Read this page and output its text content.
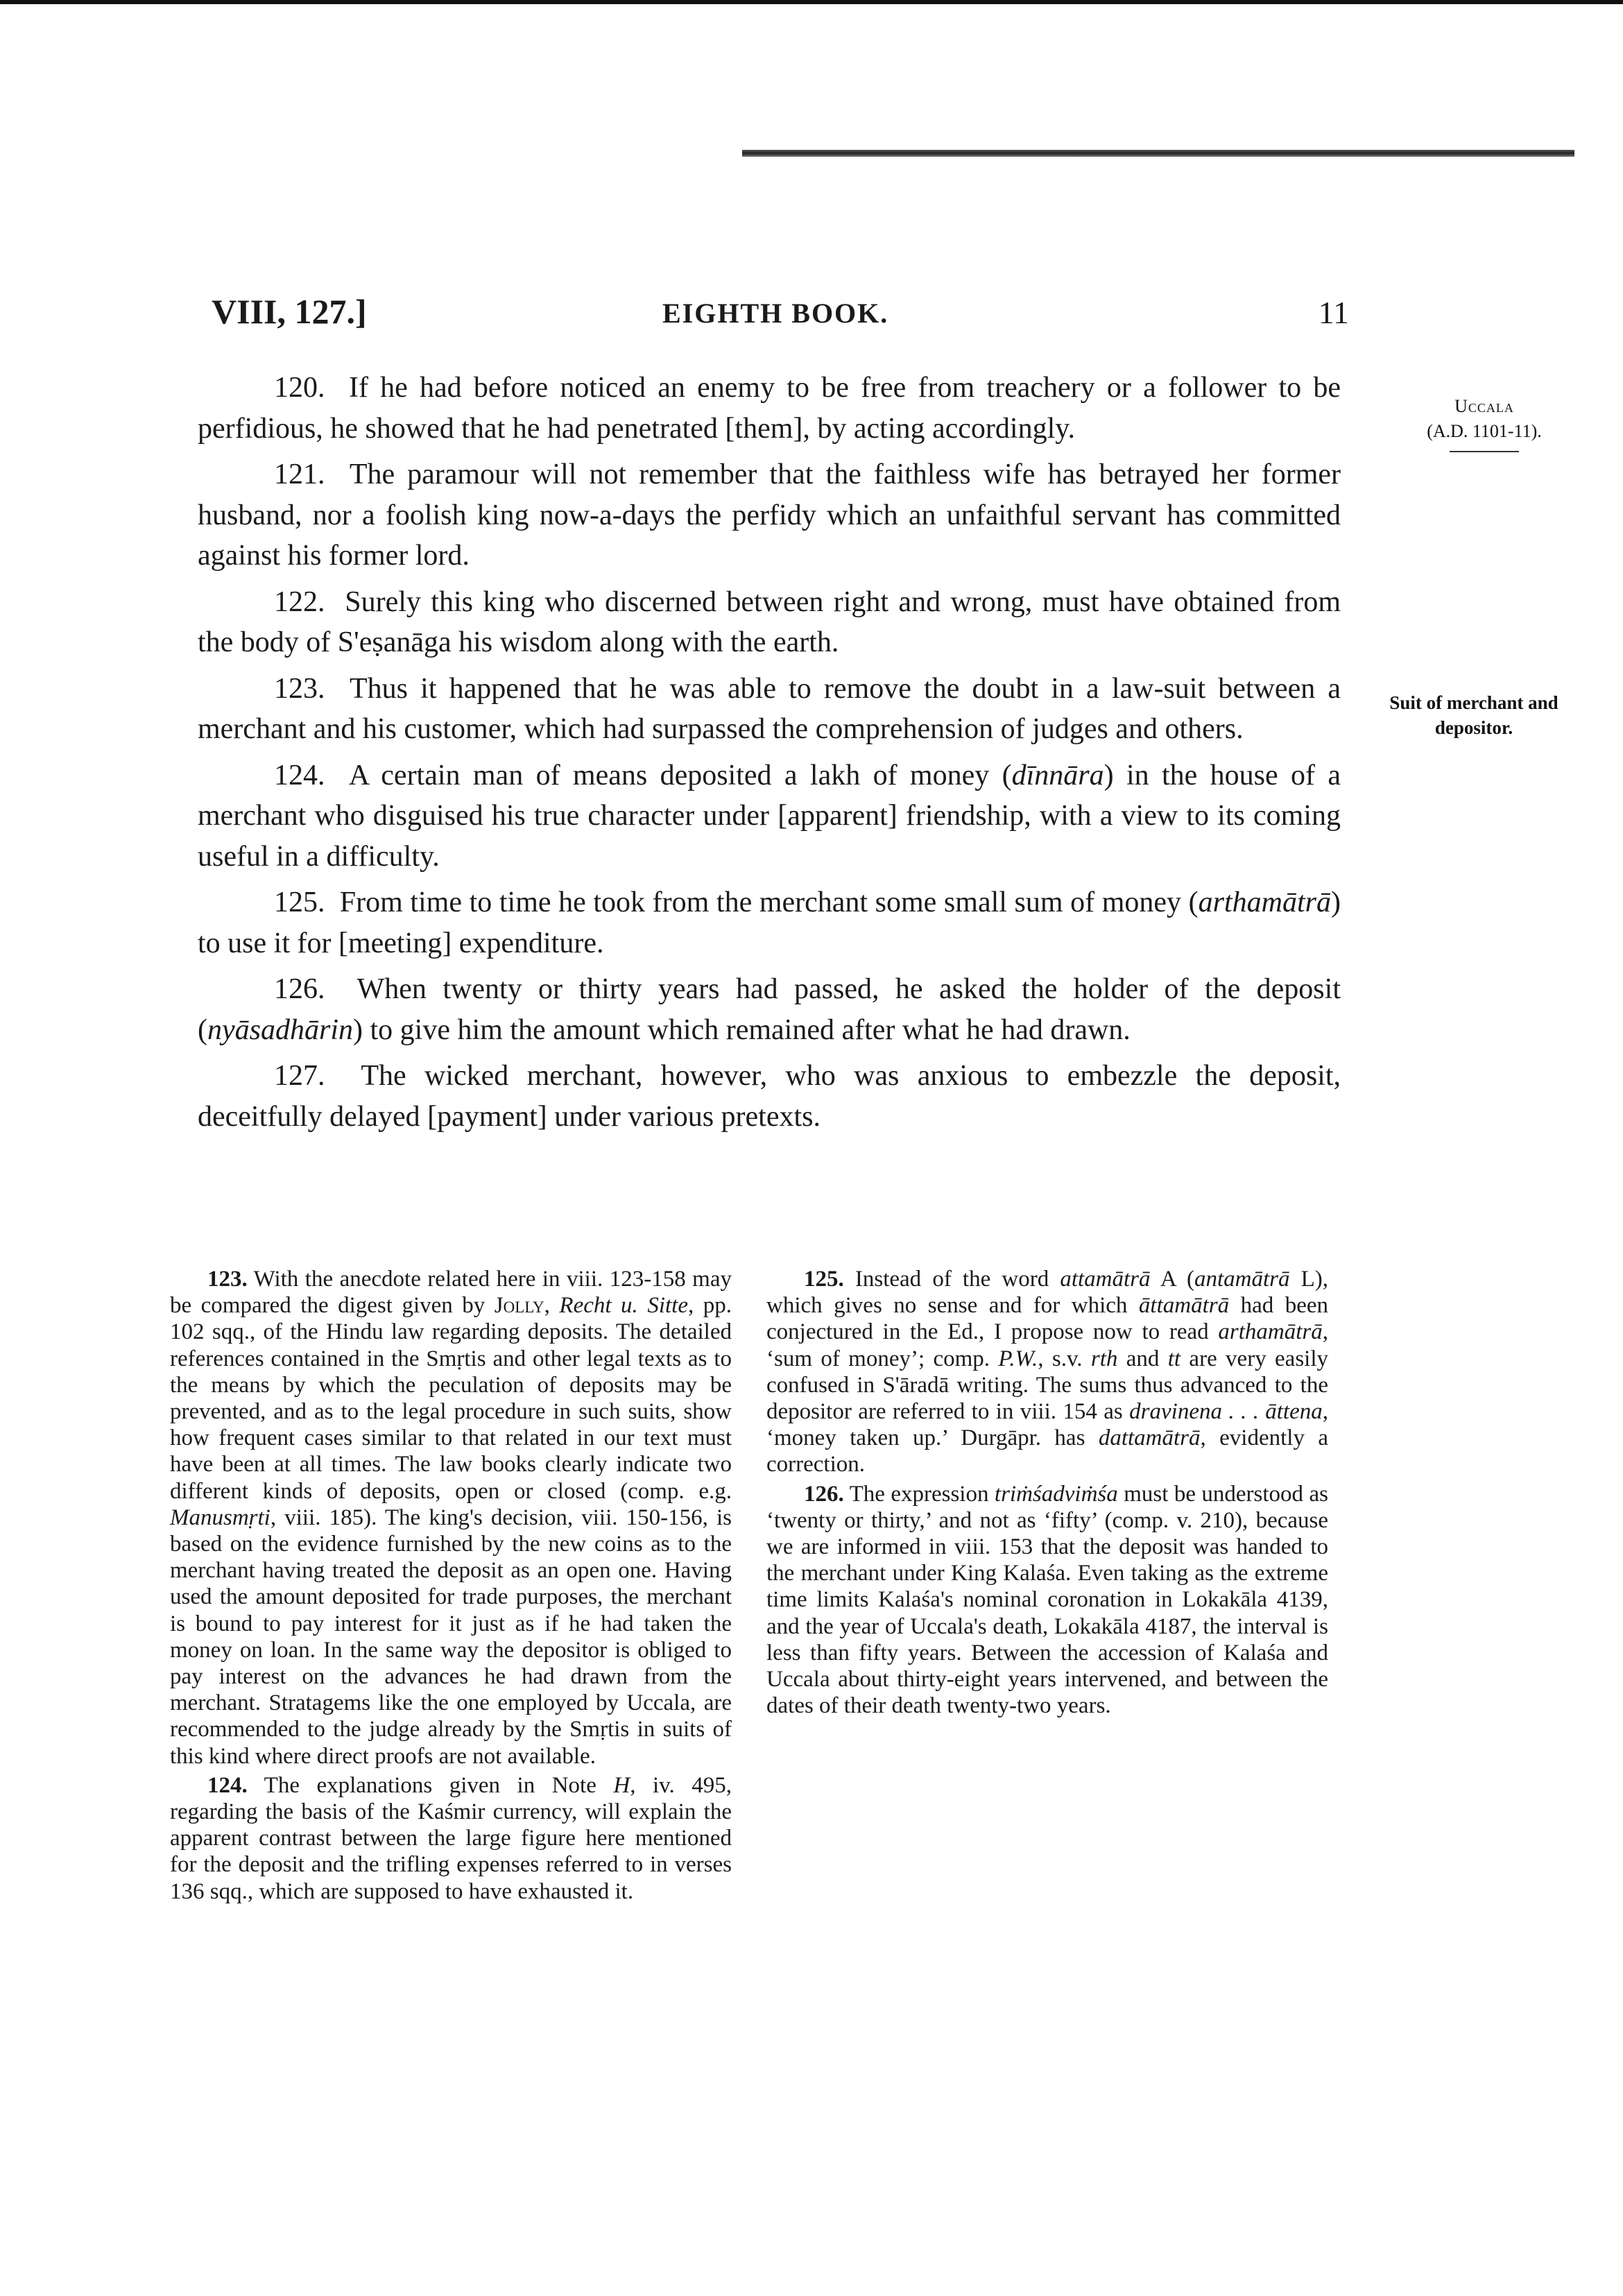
VIII, 127.]	EIGHTH BOOK.	11
Uccala
(A.D. 1101-11).
Suit of merchant and depositor.

120. If he had before noticed an enemy to be free from treachery or a follower to be perfidious, he showed that he had penetrated [them], by acting accordingly.

121. The paramour will not remember that the faithless wife has betrayed her former husband, nor a foolish king now-a-days the perfidy which an unfaithful servant has committed against his former lord.

122. Surely this king who discerned between right and wrong, must have obtained from the body of S'eṣanāga his wisdom along with the earth.

123. Thus it happened that he was able to remove the doubt in a law-suit between a merchant and his customer, which had surpassed the comprehension of judges and others.

124. A certain man of means deposited a lakh of money (dīnnāra) in the house of a merchant who disguised his true character under [apparent] friendship, with a view to its coming useful in a difficulty.

125. From time to time he took from the merchant some small sum of money (arthamātrā) to use it for [meeting] expenditure.

126. When twenty or thirty years had passed, he asked the holder of the deposit (nyāsadhārin) to give him the amount which remained after what he had drawn.

127. The wicked merchant, however, who was anxious to embezzle the deposit, deceitfully delayed [payment] under various pretexts.

123. With the anecdote related here in viii. 123-158 may be compared the digest given by Jolly, Recht u. Sitte, pp. 102 sqq., of the Hindu law regarding deposits. The detailed references contained in the Smṛtis and other legal texts as to the means by which the peculation of deposits may be prevented, and as to the legal procedure in such suits, show how frequent cases similar to that related in our text must have been at all times. The law books clearly indicate two different kinds of deposits, open or closed (comp. e.g. Manusmṛti, viii. 185). The king's decision, viii. 150-156, is based on the evidence furnished by the new coins as to the merchant having treated the deposit as an open one. Having used the amount deposited for trade purposes, the merchant is bound to pay interest for it just as if he had taken the money on loan. In the same way the depositor is obliged to pay interest on the advances he had drawn from the merchant. Stratagems like the one employed by Uccala, are recommended to the judge already by the Smṛtis in suits of this kind where direct proofs are not available.

124. The explanations given in Note H, iv. 495, regarding the basis of the Kaśmir currency, will explain the apparent contrast between the large figure here mentioned for the deposit and the trifling expenses referred to in verses 136 sqq., which are supposed to have exhausted it.

125. Instead of the word attamātrā A (antamātrā L), which gives no sense and for which āttamātrā had been conjectured in the Ed., I propose now to read arthamātrā, ‘sum of money’; comp. P.W., s.v. rth and tt are very easily confused in S'āradā writing. The sums thus advanced to the depositor are referred to in viii. 154 as dravinena . . . āttena, ‘money taken up.’ Durgāpr. has dattamātrā, evidently a correction.

126. The expression triṁśadviṁśa must be understood as ‘twenty or thirty,’ and not as ‘fifty’ (comp. v. 210), because we are informed in viii. 153 that the deposit was handed to the merchant under King Kalaśa. Even taking as the extreme time limits Kalaśa's nominal coronation in Lokakāla 4139, and the year of Uccala's death, Lokakāla 4187, the interval is less than fifty years. Between the accession of Kalaśa and Uccala about thirty-eight years intervened, and between the dates of their death twenty-two years.
